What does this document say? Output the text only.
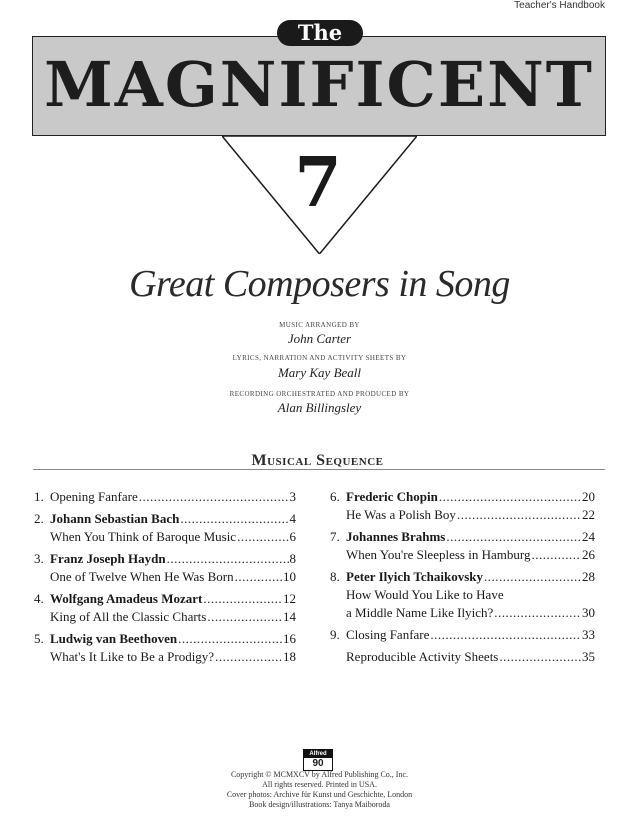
Teacher's Handbook
The
MAGNIFICENT
7
Great Composers in Song
MUSIC ARRANGED BY
John Carter
LYRICS, NARRATION AND ACTIVITY SHEETS BY
Mary Kay Beall
RECORDING ORCHESTRATED AND PRODUCED BY
Alan Billingsley
Musical Sequence
1. Opening Fanfare .....	3
2. Johann Sebastian Bach .....	4
When You Think of Baroque Music .....	6
3. Franz Joseph Haydn .....	8
One of Twelve When He Was Born .....	10
4. Wolfgang Amadeus Mozart .....	12
King of All the Classic Charts .....	14
5. Ludwig van Beethoven .....	16
What's It Like to Be a Prodigy? .....	18
6. Frederic Chopin .....	20
He Was a Polish Boy .....	22
7. Johannes Brahms .....	24
When You're Sleepless in Hamburg .....	26
8. Peter Ilyich Tchaikovsky .....	28
How Would You Like to Have
a Middle Name Like Ilyich? .....	30
9. Closing Fanfare .....	33
Reproducible Activity Sheets .....	35
Alfred
90
Copyright © MCMXCV by Alfred Publishing Co., Inc.
All rights reserved. Printed in USA.
Cover photos: Archive für Kunst und Geschichte, London
Book design/illustrations: Tanya Maiboroda
